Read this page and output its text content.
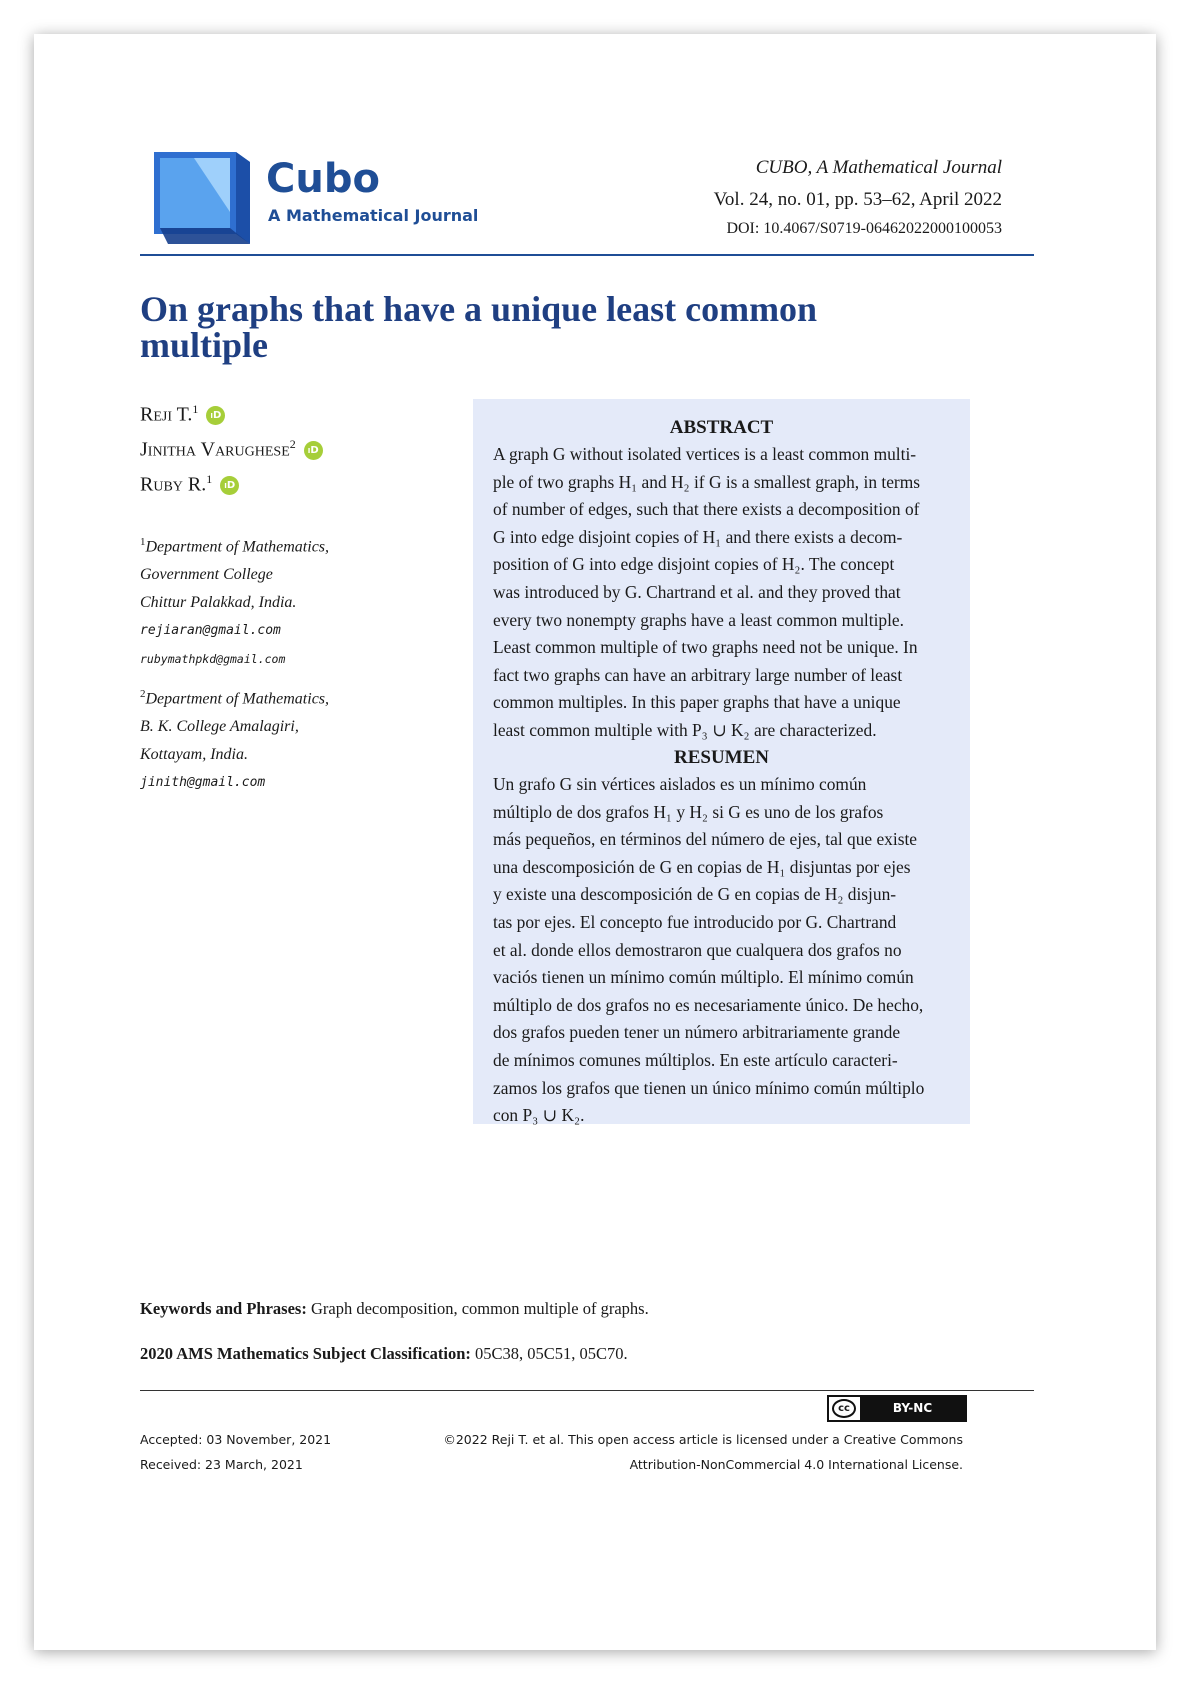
Cubo
A Mathematical Journal
CUBO, A Mathematical Journal
Vol. 24, no. 01, pp. 53–62, April 2022
DOI: 10.4067/S0719-06462022000100053
On graphs that have a unique least common
multiple
Reji T.$^1$ iD
Jinitha Varughese$^2$ iD
Ruby R.$^1$ iD
$^1$Department of Mathematics,
Government College
Chittur Palakkad, India.
rejiaran@gmail.com
rubymathpkd@gmail.com
$^2$Department of Mathematics,
B. K. College Amalagiri,
Kottayam, India.
jinith@gmail.com
ABSTRACT
A graph G without isolated vertices is a least common multi-
ple of two graphs H₁ and H₂ if G is a smallest graph, in terms
of number of edges, such that there exists a decomposition of
G into edge disjoint copies of H₁ and there exists a decom-
position of G into edge disjoint copies of H₂. The concept
was introduced by G. Chartrand et al. and they proved that
every two nonempty graphs have a least common multiple.
Least common multiple of two graphs need not be unique. In
fact two graphs can have an arbitrary large number of least
common multiples. In this paper graphs that have a unique
least common multiple with P₃ ∪ K₂ are characterized.
RESUMEN
Un grafo G sin vértices aislados es un mínimo común
múltiplo de dos grafos H₁ y H₂ si G es uno de los grafos
más pequeños, en términos del número de ejes, tal que existe
una descomposición de G en copias de H₁ disjuntas por ejes
y existe una descomposición de G en copias de H₂ disjun-
tas por ejes. El concepto fue introducido por G. Chartrand
et al. donde ellos demostraron que cualquera dos grafos no
vaciós tienen un mínimo común múltiplo. El mínimo común
múltiplo de dos grafos no es necesariamente único. De hecho,
dos grafos pueden tener un número arbitrariamente grande
de mínimos comunes múltiplos. En este artículo caracteri-
zamos los grafos que tienen un único mínimo común múltiplo
con P₃ ∪ K₂.
Keywords and Phrases: Graph decomposition, common multiple of graphs.
2020 AMS Mathematics Subject Classification: 05C38, 05C51, 05C70.
cc	BY-NC
Accepted: 03 November, 2021
Received: 23 March, 2021
©2022 Reji T. et al. This open access article is licensed under a Creative Commons
Attribution-NonCommercial 4.0 International License.
